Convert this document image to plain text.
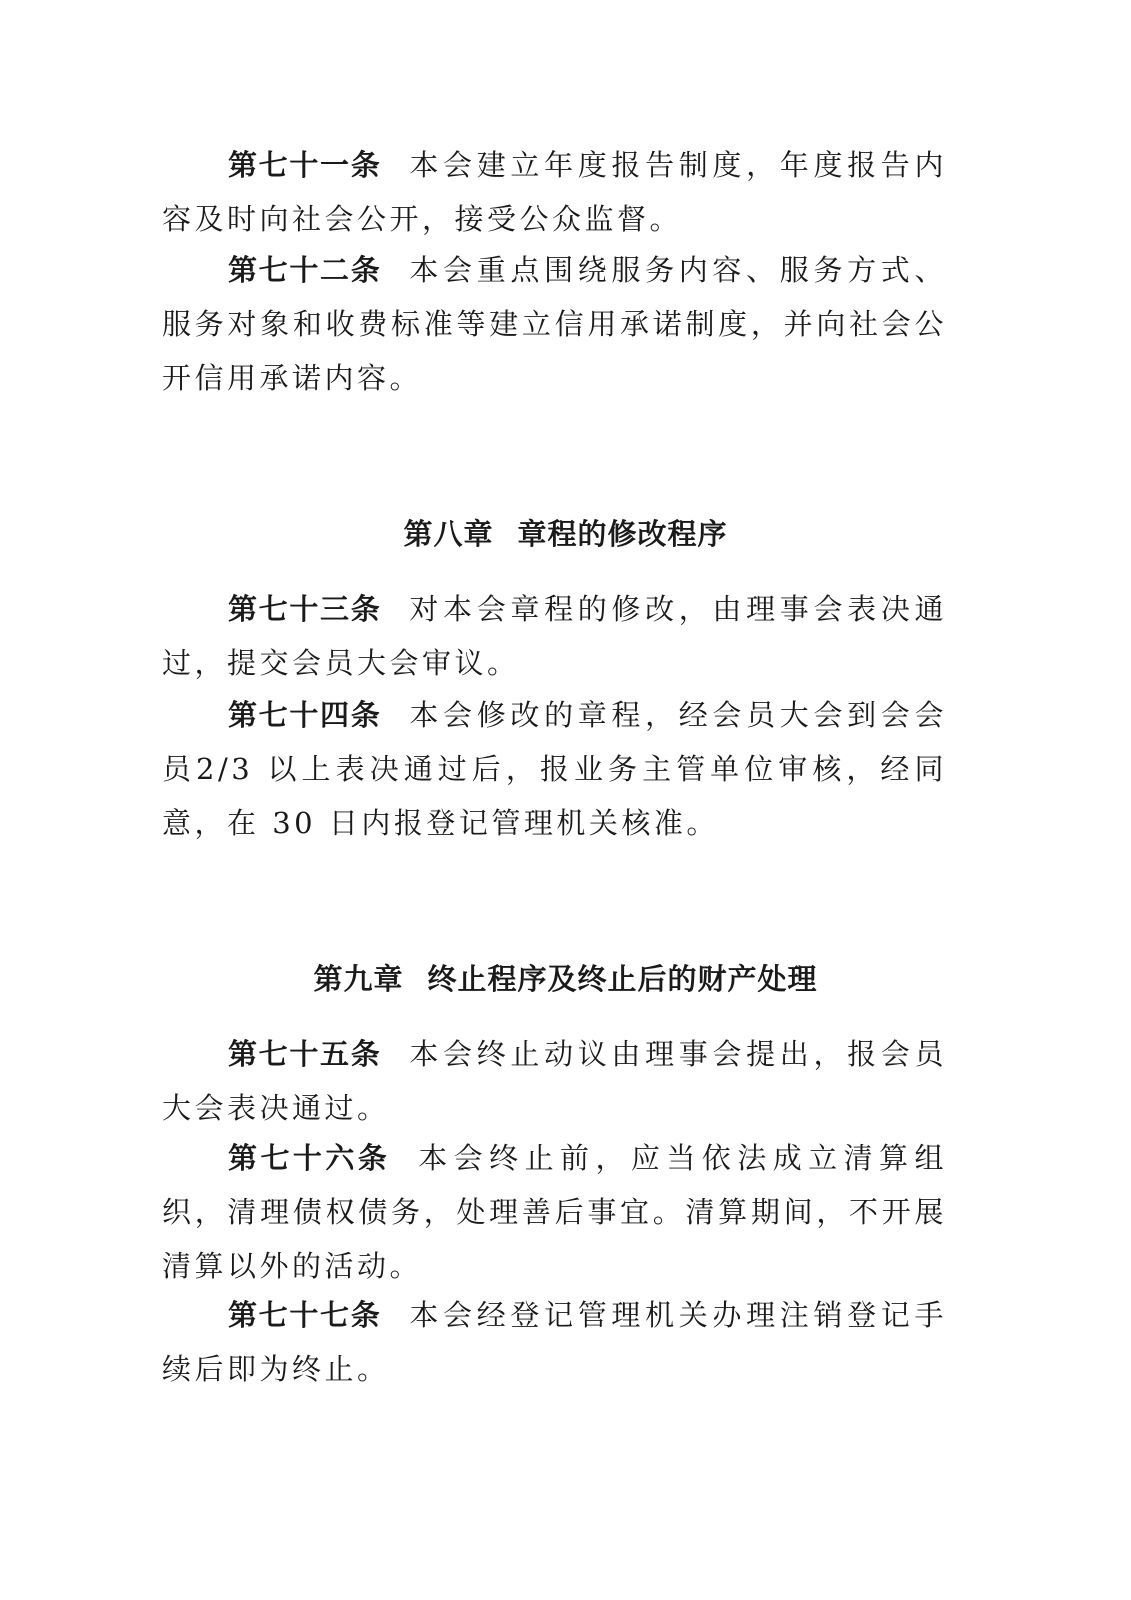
第七十一条 本会建立年度报告制度，年度报告内容及时向社会公开，接受公众监督。

第七十二条 本会重点围绕服务内容、服务方式、服务对象和收费标准等建立信用承诺制度，并向社会公开信用承诺内容。

第八章 章程的修改程序

第七十三条 对本会章程的修改，由理事会表决通过，提交会员大会审议。

第七十四条 本会修改的章程，经会员大会到会会员2/3 以上表决通过后，报业务主管单位审核，经同意，在 30 日内报登记管理机关核准。

第九章 终止程序及终止后的财产处理

第七十五条 本会终止动议由理事会提出，报会员大会表决通过。

第七十六条 本会终止前，应当依法成立清算组织，清理债权债务，处理善后事宜。清算期间，不开展清算以外的活动。

第七十七条 本会经登记管理机关办理注销登记手续后即为终止。
